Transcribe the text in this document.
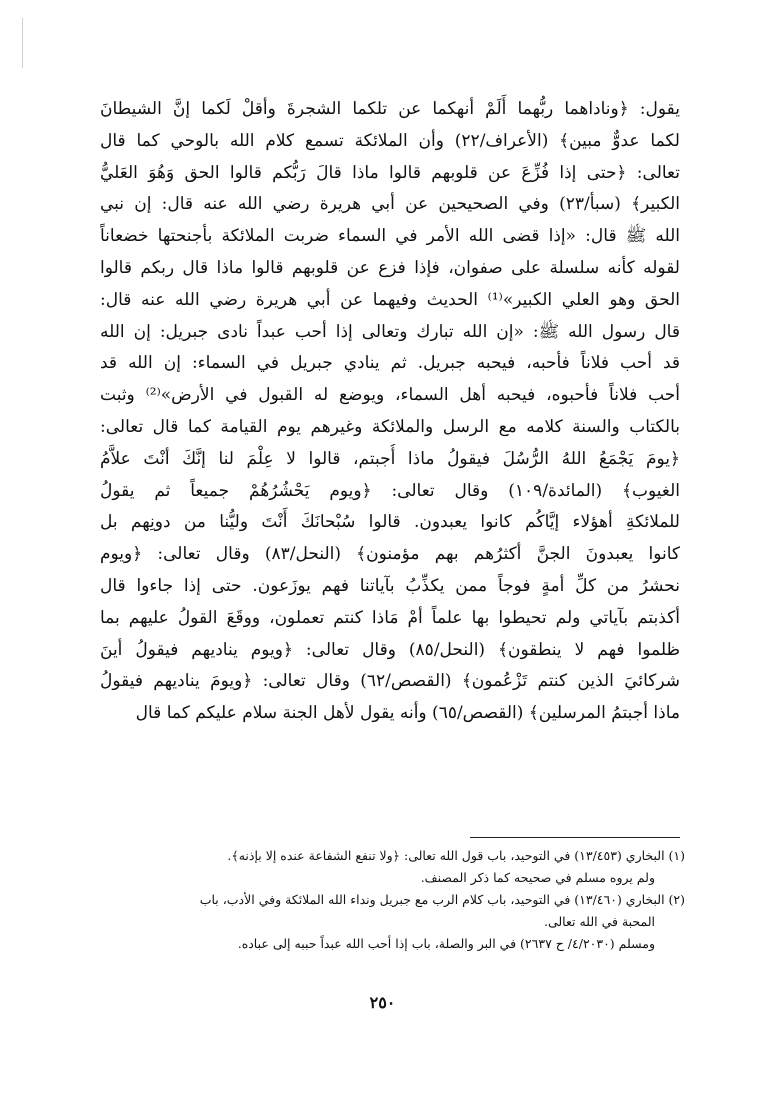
يقول: ﴿وناداهما ربُّهما أَلَمْ أنهكما عن تلكما الشجرةَ وأقلْ لَكما إنَّ الشيطانَ
لكما عدوٌّ مبين﴾ (الأعراف/٢٢) وأن الملائكة تسمع كلام الله بالوحي كما قال
تعالى: ﴿حتى إذا فُزِّعَ عن قلوبهم قالوا ماذا قالَ رَبُّكم قالوا الحق وَهُوَ العَليُّ
الكبير﴾ (سبأ/٢٣) وفي الصحيحين عن أبي هريرة رضي الله عنه قال: إن نبي
الله ﷺ قال: «إذا قضى الله الأمر في السماء ضربت الملائكة بأجنحتها خضعاناً
لقوله كأنه سلسلة على صفوان، فإذا فزع عن قلوبهم قالوا ماذا قال ربكم قالوا
الحق وهو العلي الكبير»⁽¹⁾ الحديث وفيهما عن أبي هريرة رضي الله عنه قال:
قال رسول الله ﷺ: «إن الله تبارك وتعالى إذا أحب عبداً نادى جبريل: إن الله
قد أحب فلاناً فأحبه، فيحبه جبريل. ثم ينادي جبريل في السماء: إن الله قد
أحب فلاناً فأحبوه، فيحبه أهل السماء، ويوضع له القبول في الأرض»⁽²⁾ وثبت
بالكتاب والسنة كلامه مع الرسل والملائكة وغيرهم يوم القيامة كما قال تعالى:
﴿يومَ يَجْمَعُ اللهُ الرُّسُلَ فيقولُ ماذا أُجبتم، قالوا لا عِلْمَ لنا إنَّكَ أنْتَ علاَّمُ
الغيوب﴾ (المائدة/١٠٩) وقال تعالى: ﴿ويوم يَحْشُرُهُمْ جميعاً ثم يقولُ
للملائكةِ أهؤلاء إيَّاكُم كانوا يعبدون. قالوا سُبْحانَكَ أَنْتَ وليُّنا من دونِهم بل
كانوا يعبدونَ الجنَّ أكثرُهم بهم مؤمنون﴾ (النحل/٨٣) وقال تعالى: ﴿ويوم
نحشرُ من كلِّ أمةٍ فوجاً ممن يكذِّبُ بآياتنا فهم يوزَعون. حتى إذا جاءوا قال
أكذبتم بآياتي ولم تحيطوا بها علماً أمْ مَاذا كنتم تعملون، ووقَعَ القولُ عليهم بما
ظلموا فهم لا ينطقون﴾ (النحل/٨٥) وقال تعالى: ﴿ويوم يناديهم فيقولُ أينَ
شركائيَ الذين كنتم تَزْعُمون﴾ (القصص/٦٢) وقال تعالى: ﴿ويومَ يناديهم فيقولُ
ماذا أجبتمُ المرسلين﴾ (القصص/٦٥) وأنه يقول لأهل الجنة سلام عليكم كما قال
(١) البخاري (١٣/٤٥٣) في التوحيد، باب قول الله تعالى: ﴿ولا تنفع الشفاعة عنده إلا بإذنه﴾.
ولم يروه مسلم في صحيحه كما ذكر المصنف.
(٢) البخاري (١٣/٤٦٠) في التوحيد، باب كلام الرب مع جبريل ونداء الله الملائكة وفي الأدب، باب
المحبة في الله تعالى.
ومسلم (٤/٢٠٣٠/ ح ٢٦٣٧) في البر والصلة، باب إذا أحب الله عبداً حببه إلى عباده.
٢٥٠
